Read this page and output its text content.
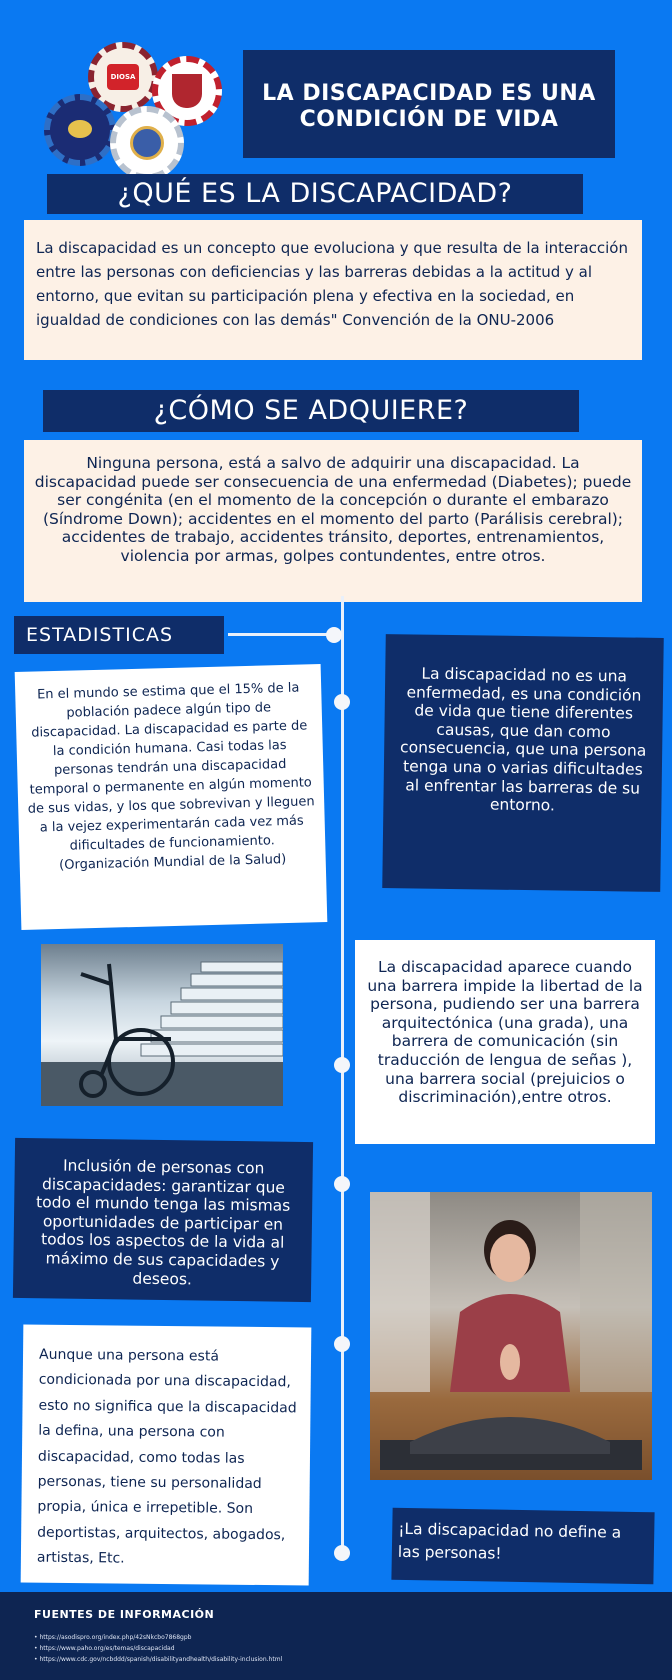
DIOSA
LA DISCAPACIDAD ES UNA
CONDICIÓN DE VIDA
¿QUÉ ES LA DISCAPACIDAD?

La discapacidad es un concepto que evoluciona y que resulta de la interacción entre las personas con deficiencias y las barreras debidas a la actitud y al entorno, que evitan su participación plena y efectiva en la sociedad, en igualdad de condiciones con las demás" Convención de la ONU-2006

¿CÓMO SE ADQUIERE?

Ninguna persona, está a salvo de adquirir una discapacidad. La discapacidad puede ser consecuencia de una enfermedad (Diabetes); puede ser congénita (en el momento de la concepción o durante el embarazo (Síndrome Down); accidentes en el momento del parto (Parálisis cerebral); accidentes de trabajo, accidentes tránsito, deportes, entrenamientos, violencia por armas, golpes contundentes, entre otros.

ESTADISTICAS

En el mundo se estima que el 15% de la población padece algún tipo de discapacidad. La discapacidad es parte de la condición humana. Casi todas las personas tendrán una discapacidad temporal o permanente en algún momento de sus vidas, y los que sobrevivan y lleguen a la vejez experimentarán cada vez más dificultades de funcionamiento. (Organización Mundial de la Salud)

La discapacidad no es una enfermedad, es una condición de vida que tiene diferentes causas, que dan como consecuencia, que una persona tenga una o varias dificultades al enfrentar las barreras de su entorno.

La discapacidad aparece cuando una barrera impide la libertad de la persona, pudiendo ser una barrera arquitectónica (una grada), una barrera de comunicación (sin traducción de lengua de señas ), una barrera social (prejuicios o discriminación),entre otros.

Inclusión de personas con discapacidades: garantizar que todo el mundo tenga las mismas oportunidades de participar en todos los aspectos de la vida al máximo de sus capacidades y deseos.

Aunque una persona está condicionada por una discapacidad, esto no significa que la discapacidad la defina, una persona con discapacidad, como todas las personas, tiene su personalidad propia, única e irrepetible. Son deportistas, arquitectos, abogados, artistas, Etc.

¡La discapacidad no define a las personas!

FUENTES DE INFORMACIÓN
• https://asodispro.org/index.php/42sNkcbo7868gpb
• https://www.paho.org/es/temas/discapacidad
• https://www.cdc.gov/ncbddd/spanish/disabilityandhealth/disability-inclusion.html
